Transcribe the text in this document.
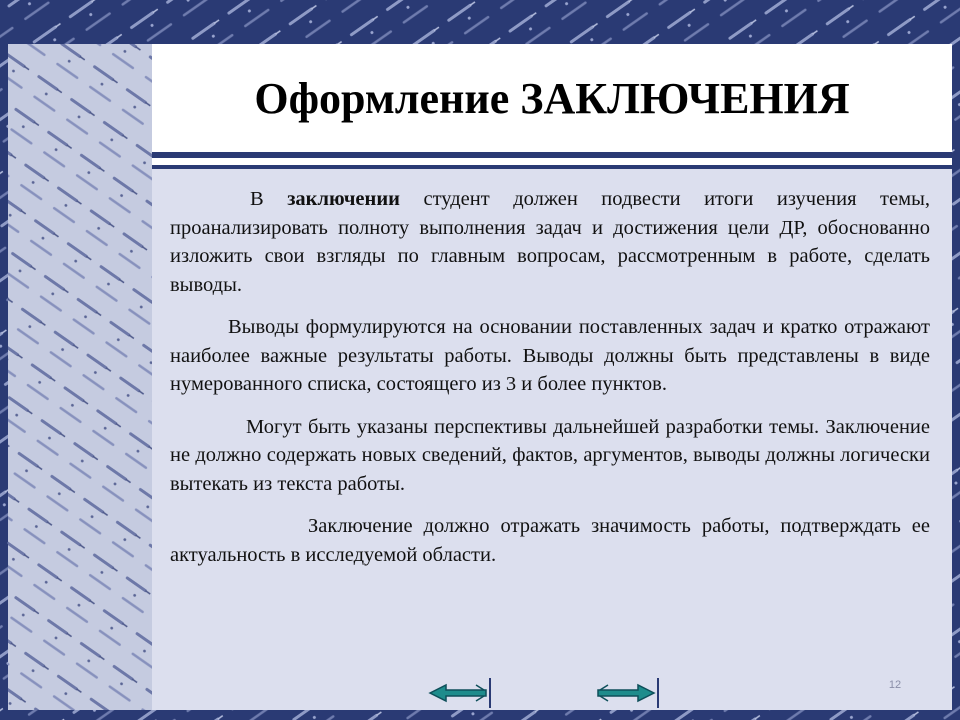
Оформление ЗАКЛЮЧЕНИЯ

В заключении студент должен подвести итоги изучения темы, проанализировать полноту выполнения задач и достижения цели ДР, обоснованно изложить свои взгляды по главным вопросам, рассмотренным в работе, сделать выводы.

Выводы формулируются на основании поставленных задач и кратко отражают наиболее важные результаты работы. Выводы должны быть представлены в виде нумерованного списка, состоящего из 3 и более пунктов.

Могут быть указаны перспективы дальнейшей разработки темы. Заключение не должно содержать новых сведений, фактов, аргументов, выводы должны логически вытекать из текста работы.

Заключение должно отражать значимость работы, подтверждать ее актуальность в исследуемой области.

12
